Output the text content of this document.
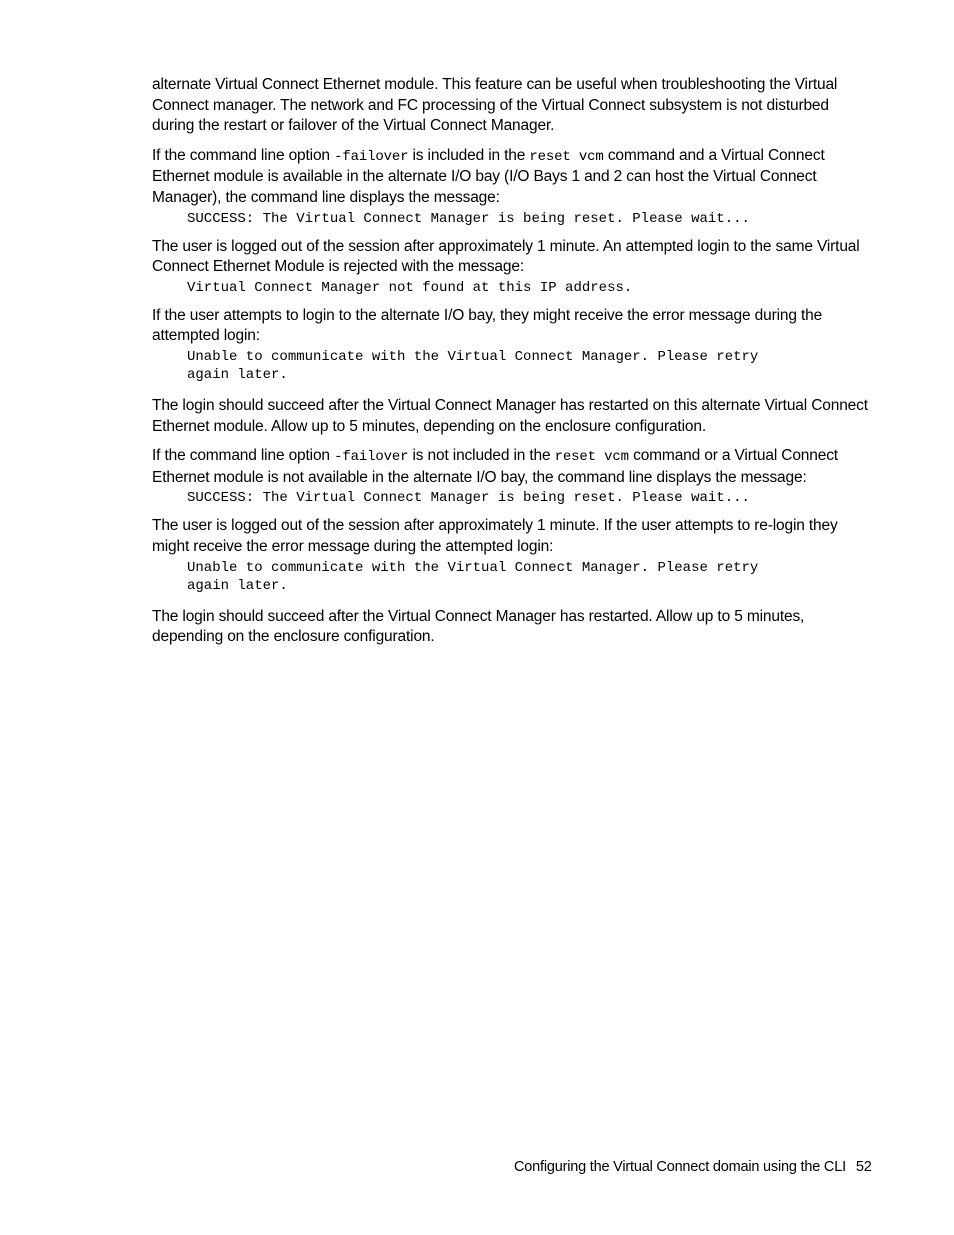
alternate Virtual Connect Ethernet module. This feature can be useful when troubleshooting the Virtual Connect manager. The network and FC processing of the Virtual Connect subsystem is not disturbed during the restart or failover of the Virtual Connect Manager.

If the command line option -failover is included in the reset vcm command and a Virtual Connect Ethernet module is available in the alternate I/O bay (I/O Bays 1 and 2 can host the Virtual Connect Manager), the command line displays the message:

SUCCESS: The Virtual Connect Manager is being reset. Please wait...

The user is logged out of the session after approximately 1 minute. An attempted login to the same Virtual Connect Ethernet Module is rejected with the message:

Virtual Connect Manager not found at this IP address.

If the user attempts to login to the alternate I/O bay, they might receive the error message during the attempted login:

Unable to communicate with the Virtual Connect Manager. Please retry
again later.

The login should succeed after the Virtual Connect Manager has restarted on this alternate Virtual Connect Ethernet module. Allow up to 5 minutes, depending on the enclosure configuration.

If the command line option -failover is not included in the reset vcm command or a Virtual Connect Ethernet module is not available in the alternate I/O bay, the command line displays the message:

SUCCESS: The Virtual Connect Manager is being reset. Please wait...

The user is logged out of the session after approximately 1 minute. If the user attempts to re-login they might receive the error message during the attempted login:

Unable to communicate with the Virtual Connect Manager. Please retry
again later.

The login should succeed after the Virtual Connect Manager has restarted. Allow up to 5 minutes, depending on the enclosure configuration.

Configuring the Virtual Connect domain using the CLI 52
